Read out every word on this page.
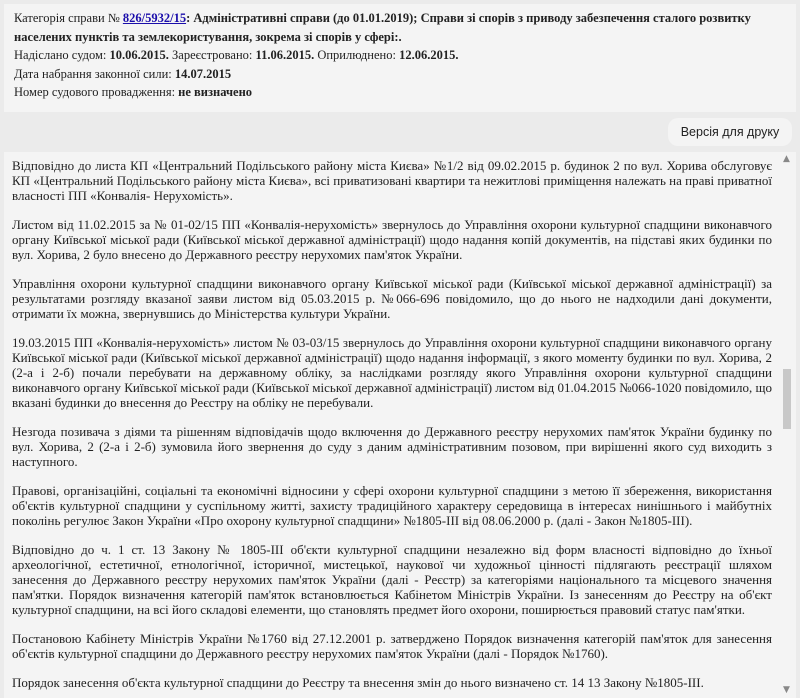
Категорія справи № 826/5932/15: Адміністративні справи (до 01.01.2019); Справи зі спорів з приводу забезпечення сталого розвитку населених пунктів та землекористування, зокрема зі спорів у сфері:.
Надіслано судом: 10.06.2015. Зареєстровано: 11.06.2015. Оприлюднено: 12.06.2015.
Дата набрання законної сили: 14.07.2015
Номер судового провадження: не визначено
Версія для друку

Відповідно до листа КП «Центральний Подільського району міста Києва» №1/2 від 09.02.2015 р. будинок 2 по вул. Хорива обслуговує КП «Центральний Подільського району міста Києва», всі приватизовані квартири та нежитлові приміщення належать на праві приватної власності ПП «Конвалія- Нерухомість».

Листом від 11.02.2015 за № 01-02/15 ПП «Конвалія-нерухомість» звернулось до Управління охорони культурної спадщини виконавчого органу Київської міської ради (Київської міської державної адміністрації) щодо надання копій документів, на підставі яких будинки по вул. Хорива, 2 було внесено до Державного реєстру нерухомих пам'яток України.

Управління охорони культурної спадщини виконавчого органу Київської міської ради (Київської міської державної адміністрації) за результатами розгляду вказаної заяви листом від 05.03.2015 р. №066-696 повідомило, що до нього не надходили дані документи, отримати їх можна, звернувшись до Міністерства культури України.

19.03.2015 ПП «Конвалія-нерухомість» листом № 03-03/15 звернулось до Управління охорони культурної спадщини виконавчого органу Київської міської ради (Київської міської державної адміністрації) щодо надання інформації, з якого моменту будинки по вул. Хорива, 2 (2-а і 2-б) почали перебувати на державному обліку, за наслідками розгляду якого Управління охорони культурної спадщини виконавчого органу Київської міської ради (Київської міської державної адміністрації) листом від 01.04.2015 №066-1020 повідомило, що вказані будинки до внесення до Реєстру на обліку не перебували.

Незгода позивача з діями та рішенням відповідачів щодо включення до Державного реєстру нерухомих пам'яток України будинку по вул. Хорива, 2 (2-а і 2-б) зумовила його звернення до суду з даним адміністративним позовом, при вирішенні якого суд виходить з наступного.

Правові, організаційні, соціальні та економічні відносини у сфері охорони культурної спадщини з метою її збереження, використання об'єктів культурної спадщини у суспільному житті, захисту традиційного характеру середовища в інтересах нинішнього і майбутніх поколінь регулює Закон України «Про охорону культурної спадщини» №1805-ІІІ від 08.06.2000 р. (далі - Закон №1805-ІІІ).

Відповідно до ч. 1 ст. 13 Закону № 1805-ІІІ об'єкти культурної спадщини незалежно від форм власності відповідно до їхньої археологічної, естетичної, етнологічної, історичної, мистецької, наукової чи художньої цінності підлягають реєстрації шляхом занесення до Державного реєстру нерухомих пам'яток України (далі - Реєстр) за категоріями національного та місцевого значення пам'ятки. Порядок визначення категорій пам'яток встановлюється Кабінетом Міністрів України. Із занесенням до Реєстру на об'єкт культурної спадщини, на всі його складові елементи, що становлять предмет його охорони, поширюється правовий статус пам'ятки.

Постановою Кабінету Міністрів України №1760 від 27.12.2001 р. затверджено Порядок визначення категорій пам'яток для занесення об'єктів культурної спадщини до Державного реєстру нерухомих пам'яток України (далі - Порядок №1760).

Порядок занесення об'єкта культурної спадщини до Реєстру та внесення змін до нього визначено ст. 14 13 Закону №1805-ІІІ.

▲
▼
